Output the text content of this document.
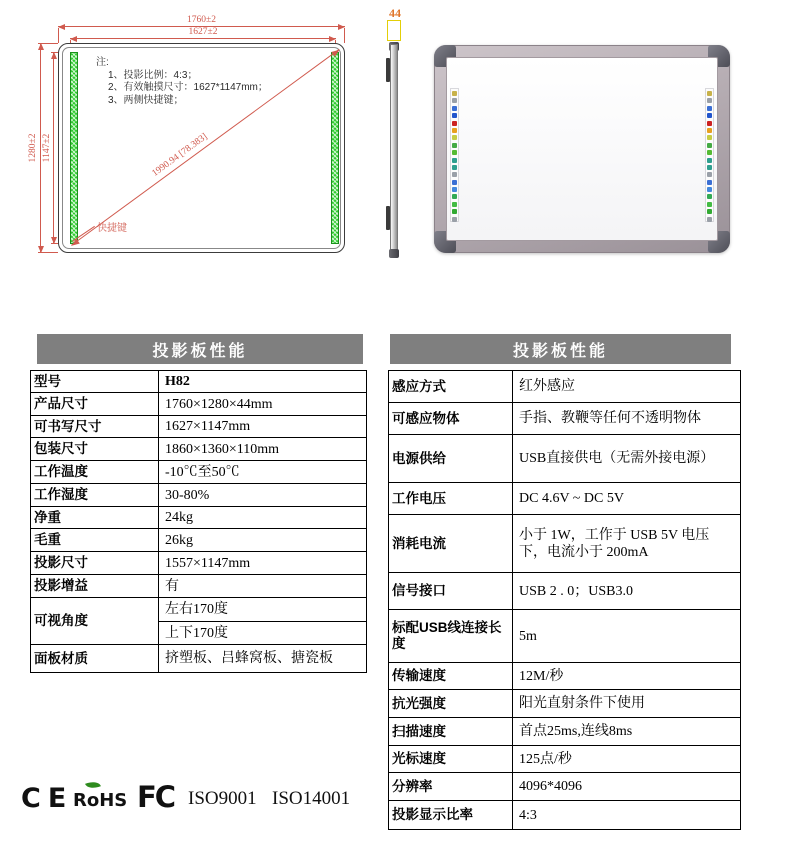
1760±2
1627±2
1280±2 1147±2
注:
1、投影比例：4:3；
2、有效触摸尺寸：1627*1147mm；
3、两侧快捷键；
1990.94 [78.383]
快捷键
44
投影板性能
型号	H82
产品尺寸	1760×1280×44mm
可书写尺寸	1627×1147mm
包装尺寸	1860×1360×110mm
工作温度	-10℃至50℃
工作湿度	30-80%
净重	24kg
毛重	26kg
投影尺寸	1557×1147mm
投影增益	有
可视角度	左右170度
	上下170度
面板材质	挤塑板、吕蜂窝板、搪瓷板
投影板性能
感应方式	红外感应
可感应物体	手指、教鞭等任何不透明物体
电源供给	USB直接供电（无需外接电源）
工作电压	DC 4.6V ~ DC 5V
消耗电流	小于 1W，工作于 USB 5V 电压下，电流小于 200mA
信号接口	USB 2 . 0；USB3.0
标配USB线连接长度	5m
传输速度	12M/秒
抗光强度	阳光直射条件下使用
扫描速度	首点25ms,连线8ms
光标速度	125点/秒
分辨率	4096*4096
投影显示比率	4:3
CE RoHS FC ISO9001 ISO14001
